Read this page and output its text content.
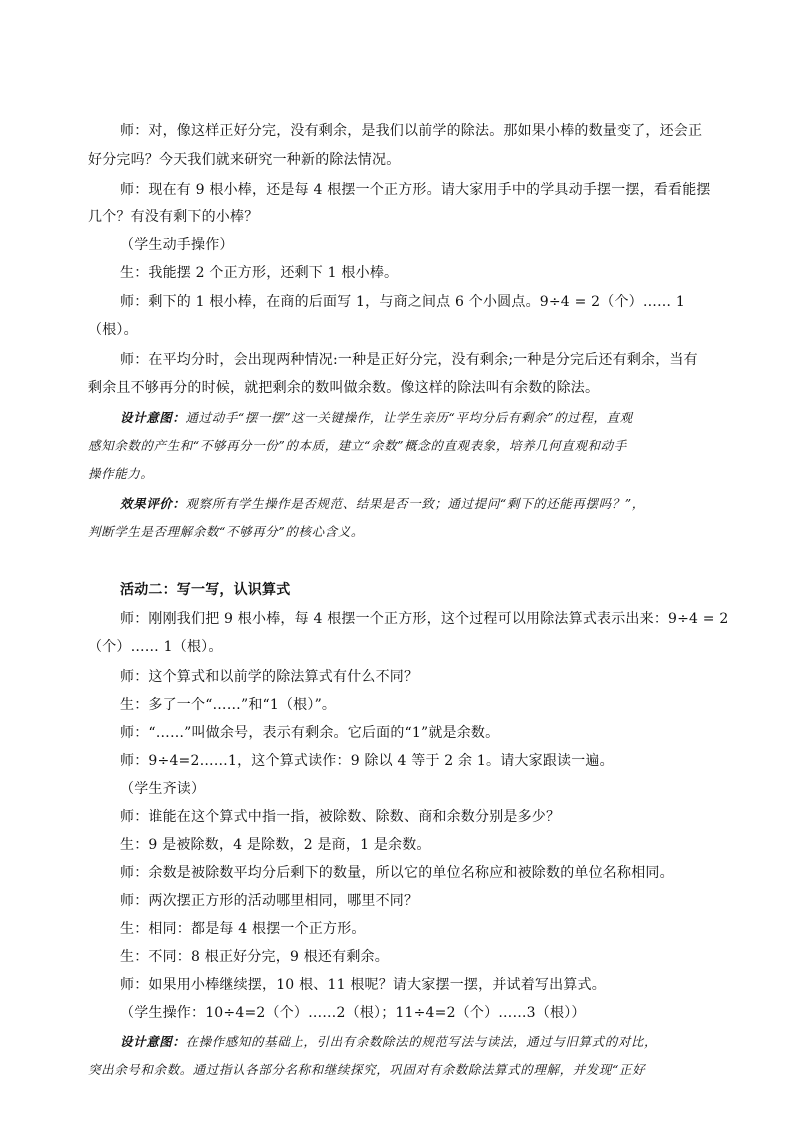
师：对，像这样正好分完，没有剩余，是我们以前学的除法。那如果小棒的数量变了，还会正
好分完吗？今天我们就来研究一种新的除法情况。
师：现在有 9 根小棒，还是每 4 根摆一个正方形。请大家用手中的学具动手摆一摆，看看能摆
几个？有没有剩下的小棒？
（学生动手操作）
生：我能摆 2 个正方形，还剩下 1 根小棒。
师：剩下的 1 根小棒，在商的后面写 1，与商之间点 6 个小圆点。9÷4 = 2（个）…… 1
（根）。
师：在平均分时，会出现两种情况:一种是正好分完，没有剩余;一种是分完后还有剩余，当有
剩余且不够再分的时候，就把剩余的数叫做余数。像这样的除法叫有余数的除法。
设计意图：通过动手“摆一摆”这一关键操作，让学生亲历“平均分后有剩余”的过程，直观
感知余数的产生和“不够再分一份”的本质，建立“余数”概念的直观表象，培养几何直观和动手
操作能力。
效果评价：观察所有学生操作是否规范、结果是否一致；通过提问“剩下的还能再摆吗？”，
判断学生是否理解余数“不够再分”的核心含义。
活动二：写一写，认识算式
师：刚刚我们把 9 根小棒，每 4 根摆一个正方形，这个过程可以用除法算式表示出来：9÷4 = 2
（个）…… 1（根）。
师：这个算式和以前学的除法算式有什么不同？
生：多了一个“……”和“1（根）”。
师：“……”叫做余号，表示有剩余。它后面的“1”就是余数。
师：9÷4=2……1，这个算式读作：9 除以 4 等于 2 余 1。请大家跟读一遍。
（学生齐读）
师：谁能在这个算式中指一指，被除数、除数、商和余数分别是多少？
生：9 是被除数，4 是除数，2 是商，1 是余数。
师：余数是被除数平均分后剩下的数量，所以它的单位名称应和被除数的单位名称相同。
师：两次摆正方形的活动哪里相同，哪里不同？
生：相同：都是每 4 根摆一个正方形。
生：不同：8 根正好分完，9 根还有剩余。
师：如果用小棒继续摆，10 根、11 根呢？请大家摆一摆，并试着写出算式。
（学生操作：10÷4=2（个）……2（根）；11÷4=2（个）……3（根））
设计意图：在操作感知的基础上，引出有余数除法的规范写法与读法，通过与旧算式的对比，
突出余号和余数。通过指认各部分名称和继续探究，巩固对有余数除法算式的理解，并发现“正好
